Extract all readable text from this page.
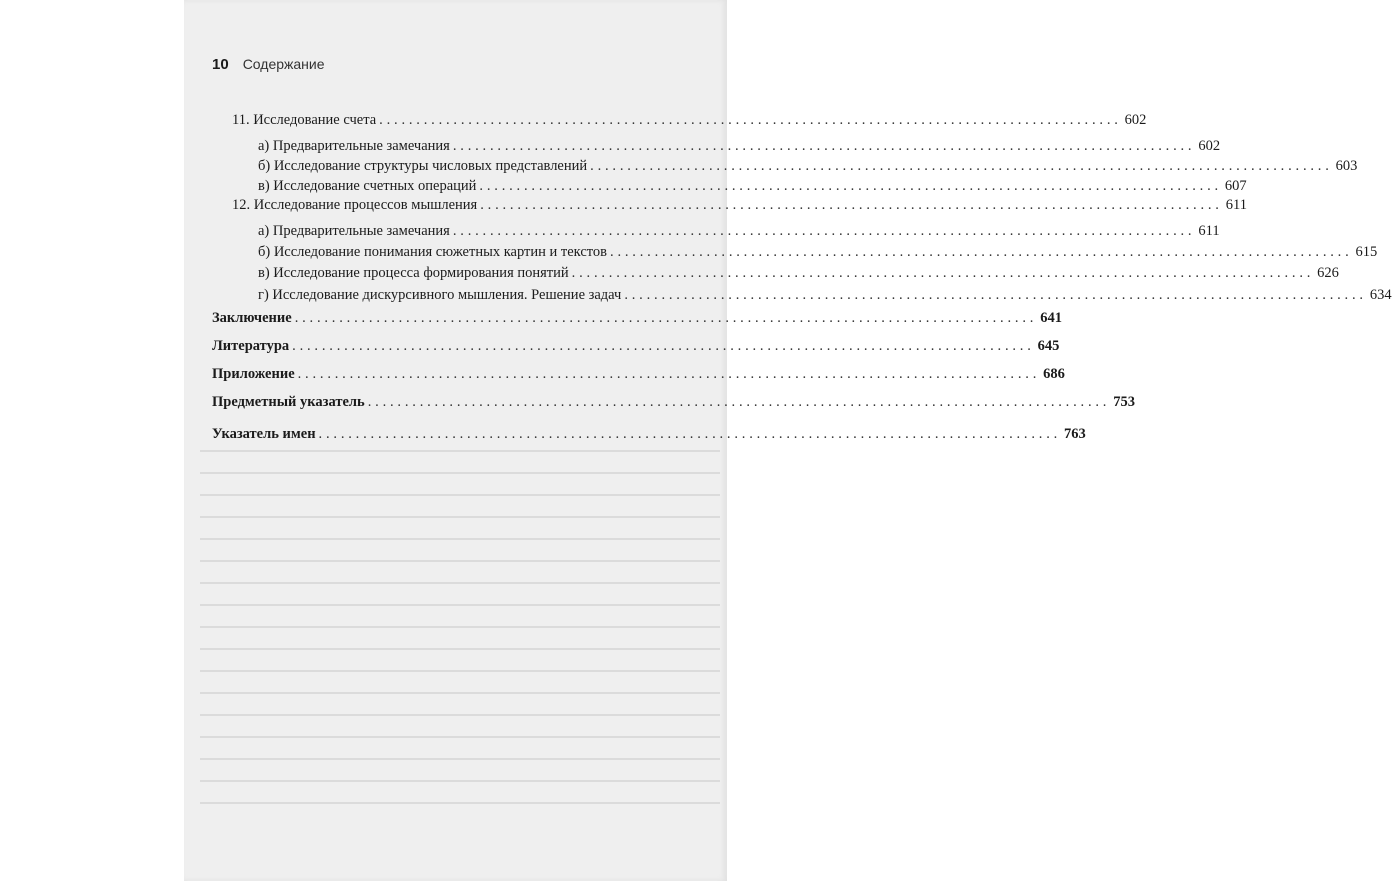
10 Содержание
11. Исследование счета .................................................................................................... 602
а) Предварительные замечания .................................................................................................... 602
б) Исследование структуры числовых представлений .................................................................................................... 603
в) Исследование счетных операций .................................................................................................... 607
12. Исследование процессов мышления .................................................................................................... 611
а) Предварительные замечания .................................................................................................... 611
б) Исследование понимания сюжетных картин и текстов .................................................................................................... 615
в) Исследование процесса формирования понятий .................................................................................................... 626
г) Исследование дискурсивного мышления. Решение задач .................................................................................................... 634
Заключение .................................................................................................... 641
Литература .................................................................................................... 645
Приложение .................................................................................................... 686
Предметный указатель .................................................................................................... 753
Указатель имен .................................................................................................... 763
